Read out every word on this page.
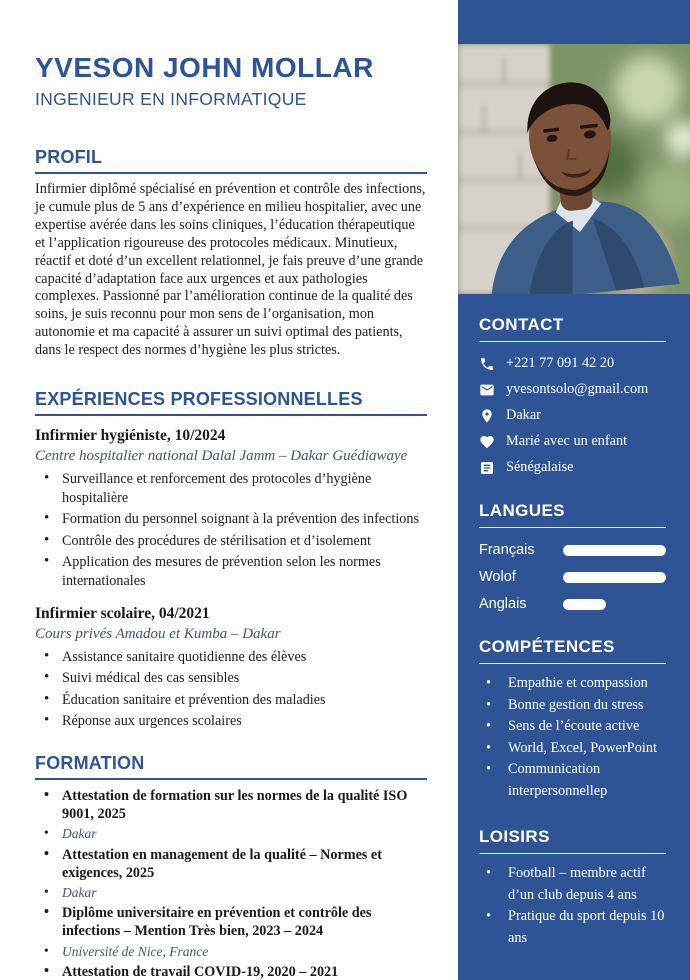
YVESON JOHN MOLLAR
INGENIEUR EN INFORMATIQUE
PROFIL

Infirmier diplômé spécialisé en prévention et contrôle des infections, je cumule plus de 5 ans d’expérience en milieu hospitalier, avec une expertise avérée dans les soins cliniques, l’éducation thérapeutique et l’application rigoureuse des protocoles médicaux. Minutieux, réactif et doté d’un excellent relationnel, je fais preuve d’une grande capacité d’adaptation face aux urgences et aux pathologies complexes. Passionné par l’amélioration continue de la qualité des soins, je suis reconnu pour mon sens de l’organisation, mon autonomie et ma capacité à assurer un suivi optimal des patients, dans le respect des normes d’hygiène les plus strictes.

EXPÉRIENCES PROFESSIONNELLES
Infirmier hygiéniste, 10/2024
Centre hospitalier national Dalal Jamm – Dakar Guédiawaye
• Surveillance et renforcement des protocoles d’hygiène hospitalière
• Formation du personnel soignant à la prévention des infections
• Contrôle des procédures de stérilisation et d’isolement
• Application des mesures de prévention selon les normes internationales
Infirmier scolaire, 04/2021
Cours privés Amadou et Kumba – Dakar
• Assistance sanitaire quotidienne des élèves
• Suivi médical des cas sensibles
• Éducation sanitaire et prévention des maladies
• Réponse aux urgences scolaires
FORMATION
• Attestation de formation sur les normes de la qualité ISO 9001, 2025
• Dakar
• Attestation en management de la qualité – Normes et exigences, 2025
• Dakar
• Diplôme universitaire en prévention et contrôle des infections – Mention Très bien, 2023 – 2024
• Université de Nice, France
• Attestation de travail COVID-19, 2020 – 2021
CONTACT
+221 77 091 42 20
yvesontsolo@gmail.com
Dakar
Marié avec un enfant
Sénégalaise
LANGUES
Français
Wolof
Anglais
COMPÉTENCES
• Empathie et compassion
• Bonne gestion du stress
• Sens de l’écoute active
• World, Excel, PowerPoint
• Communication interpersonnellep
LOISIRS
• Football – membre actif d’un club depuis 4 ans
• Pratique du sport depuis 10 ans
